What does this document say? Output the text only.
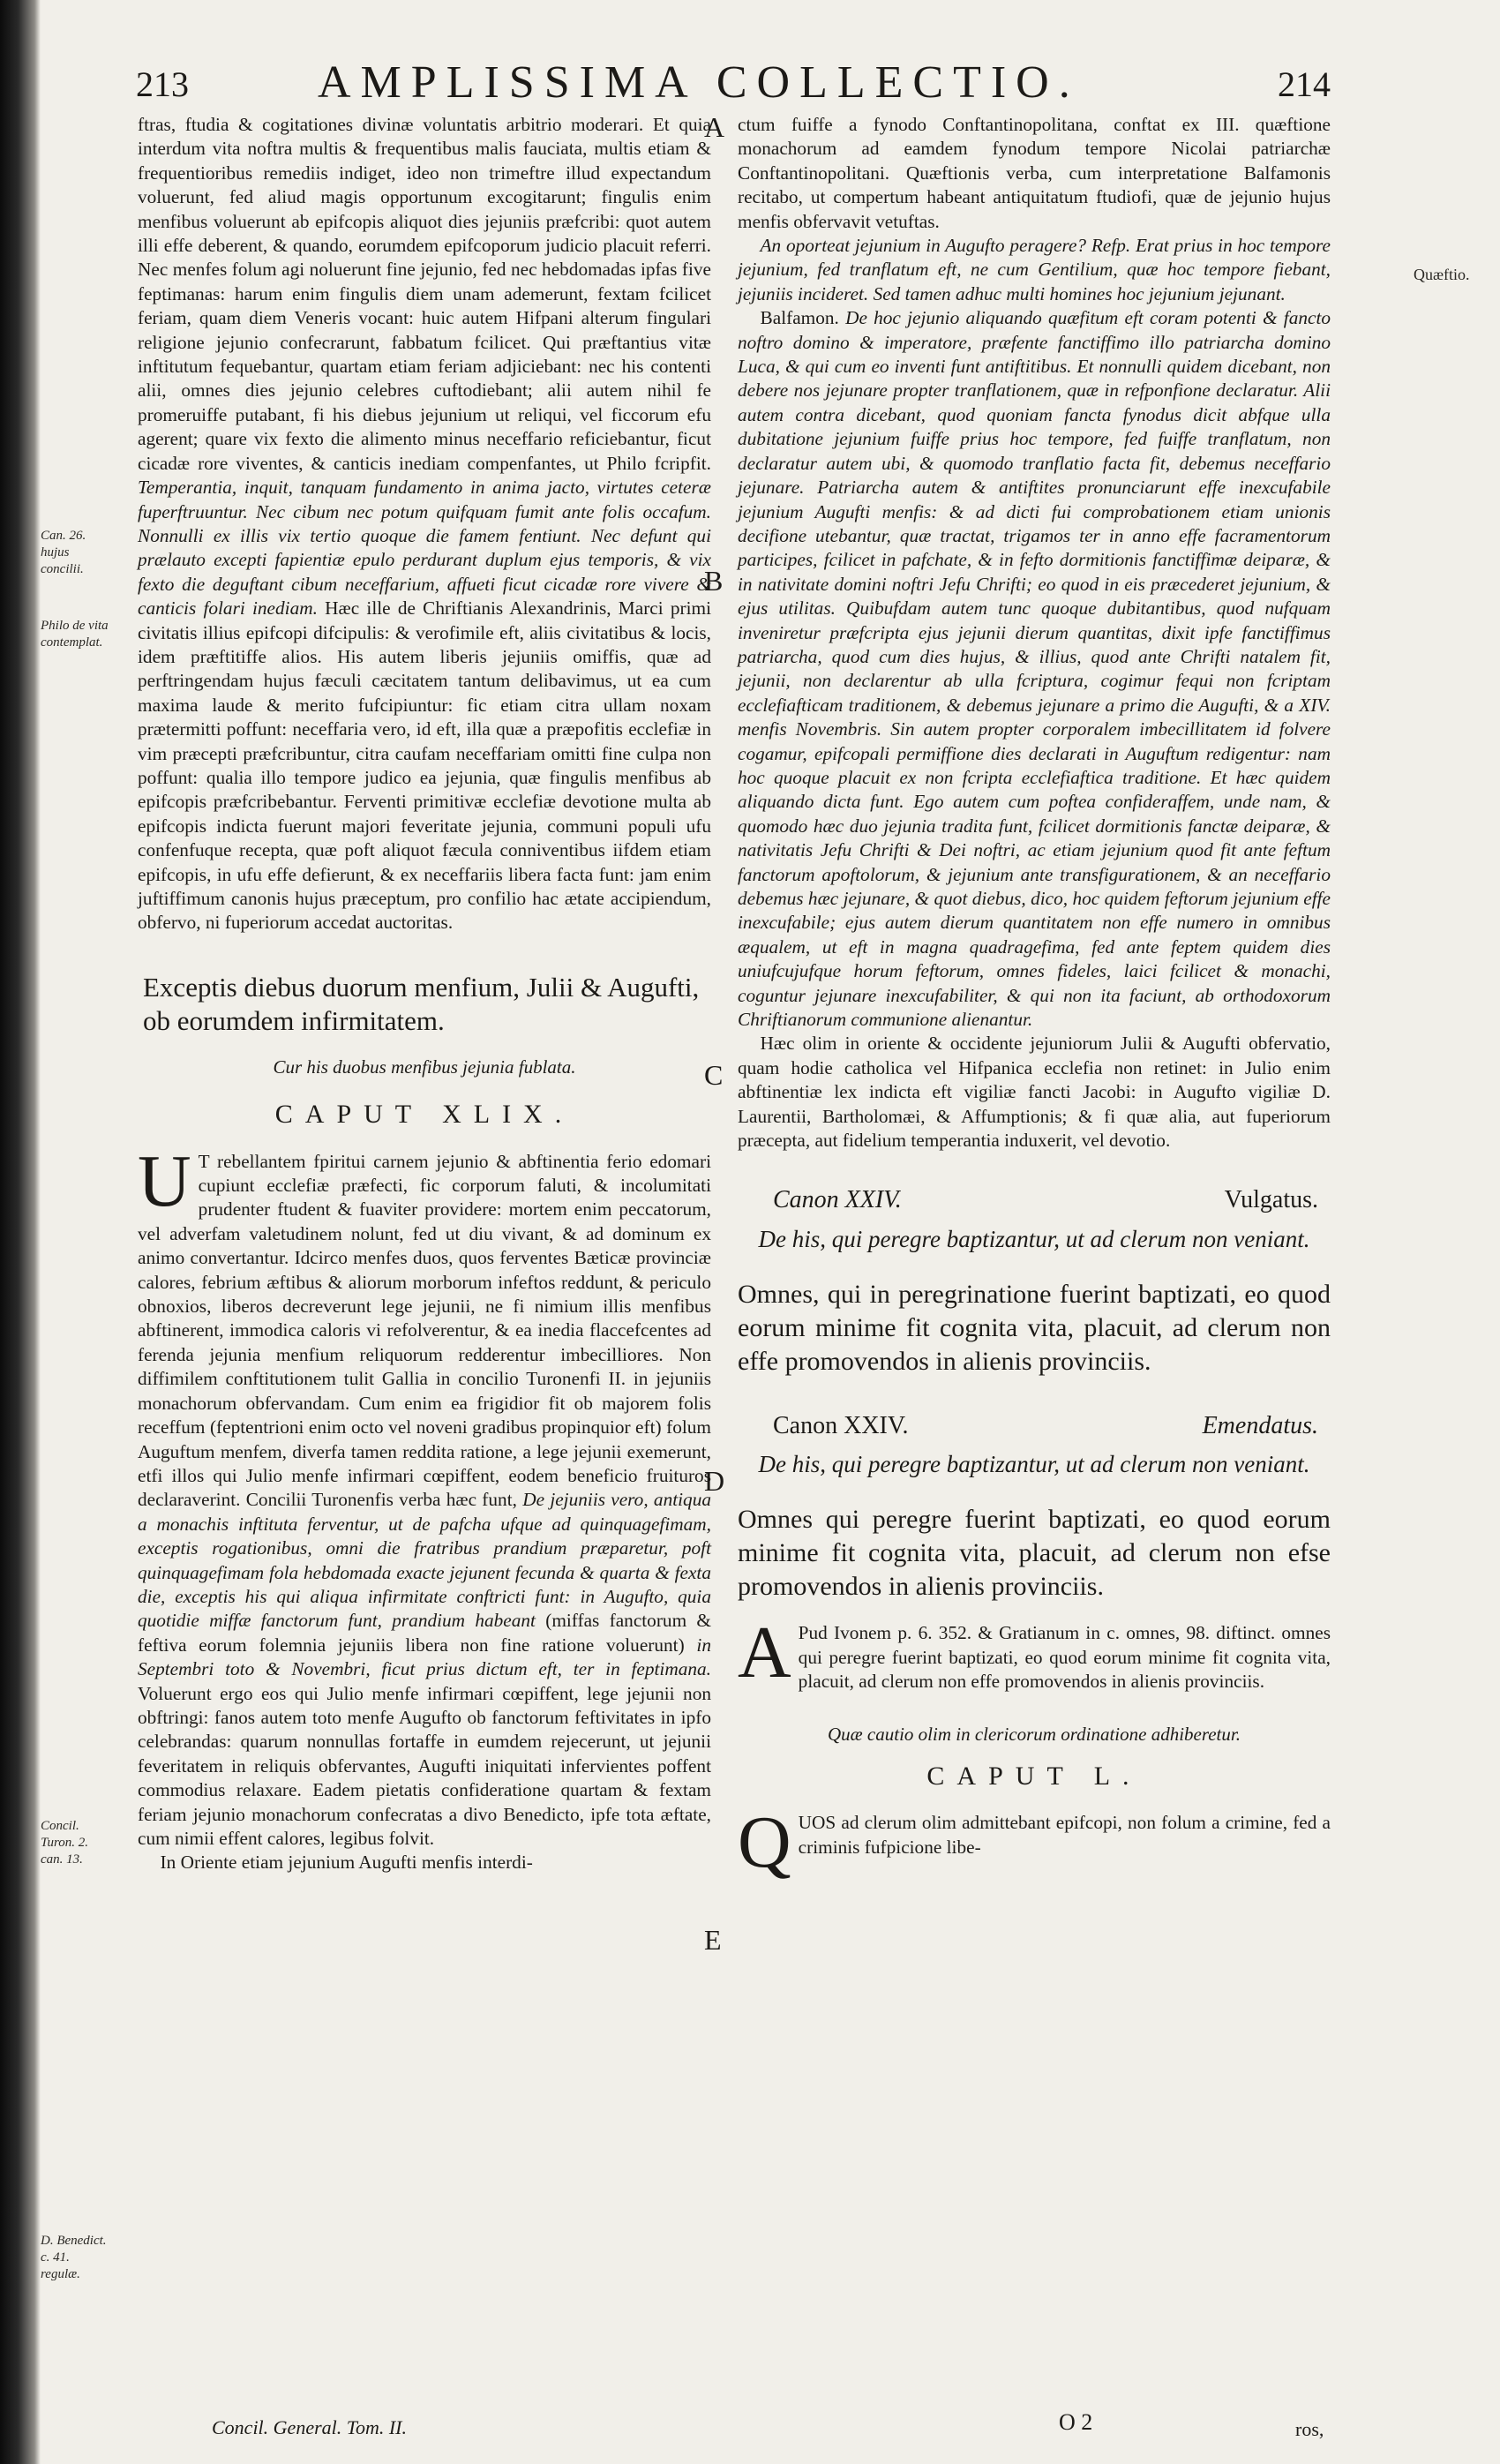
213	AMPLISSIMA COLLECTIO.	214

ftras, ftudia & cogitationes divinæ voluntatis arbitrio moderari. Et quia interdum vita noftra multis & frequentibus malis fauciata, multis etiam & frequentioribus remediis indiget, ideo non trimeftre illud expectandum voluerunt, fed aliud magis opportunum excogitarunt; fingulis enim menfibus voluerunt ab epifcopis aliquot dies jejuniis præfcribi: quot autem illi effe deberent, & quando, eorumdem epifcoporum judicio placuit referri. Nec menfes folum agi noluerunt fine jejunio, fed nec hebdomadas ipfas five feptimanas: harum enim fingulis diem unam ademerunt, fextam fcilicet feriam, quam diem Veneris vocant: huic autem Hifpani alterum fingulari religione jejunio confecrarunt, fabbatum fcilicet. Qui præftantius vitæ inftitutum fequebantur, quartam etiam feriam adjiciebant: nec his contenti alii, omnes dies jejunio celebres cuftodiebant; alii autem nihil fe promeruiffe putabant, fi his diebus jejunium ut reliqui, vel ficcorum efu agerent; quare vix fexto die alimento minus neceffario reficiebantur, ficut cicadæ rore viventes, & canticis inediam compenfantes, ut Philo fcripfit. Temperantia, inquit, tanquam fundamento in anima jacto, virtutes ceteræ fuperftruuntur. Nec cibum nec potum quifquam fumit ante folis occafum. Nonnulli ex illis vix tertio quoque die famem fentiunt. Nec defunt qui prælauto excepti fapientiæ epulo perdurant duplum ejus temporis, & vix fexto die deguftant cibum neceffarium, affueti ficut cicadæ rore vivere & canticis folari inediam. Hæc ille de Chriftianis Alexandrinis, Marci primi civitatis illius epifcopi difcipulis: & verofimile eft, aliis civitatibus & locis, idem præftitiffe alios. His autem liberis jejuniis omiffis, quæ ad perftringendam hujus fæculi cæcitatem tantum delibavimus, ut ea cum maxima laude & merito fufcipiuntur: fic etiam citra ullam noxam prætermitti poffunt: neceffaria vero, id eft, illa quæ a præpofitis ecclefiæ in vim præcepti præfcribuntur, citra caufam neceffariam omitti fine culpa non poffunt: qualia illo tempore judico ea jejunia, quæ fingulis menfibus ab epifcopis præfcribebantur. Ferventi primitivæ ecclefiæ devotione multa ab epifcopis indicta fuerunt majori feveritate jejunia, communi populi ufu confenfuque recepta, quæ poft aliquot fæcula conniventibus iifdem etiam epifcopis, in ufu effe defierunt, & ex neceffariis libera facta funt: jam enim juftiffimum canonis hujus præceptum, pro confilio hac ætate accipiendum, obfervo, ni fuperiorum accedat auctoritas.

Exceptis diebus duorum menfium, Julii & Augufti, ob eorumdem infirmitatem.
Cur his duobus menfibus jejunia fublata.
CAPUT XLIX.

U T rebellantem fpiritui carnem jejunio & abftinentia ferio edomari cupiunt ecclefiæ præfecti, fic corporum faluti, & incolumitati prudenter ftudent & fuaviter providere: mortem enim peccatorum, vel adverfam valetudinem nolunt, fed ut diu vivant, & ad dominum ex animo convertantur. Idcirco menfes duos, quos ferventes Bæticæ provinciæ calores, febrium æftibus & aliorum morborum infeftos reddunt, & periculo obnoxios, liberos decreverunt lege jejunii, ne fi nimium illis menfibus abftinerent, immodica caloris vi refolverentur, & ea inedia flaccefcentes ad ferenda jejunia menfium reliquorum redderentur imbecilliores. Non diffimilem conftitutionem tulit Gallia in concilio Turonenfi II. in jejuniis monachorum obfervandam. Cum enim ea frigidior fit ob majorem folis receffum (feptentrioni enim octo vel noveni gradibus propinquior eft) folum Auguftum menfem, diverfa tamen reddita ratione, a lege jejunii exemerunt, etfi illos qui Julio menfe infirmari cœpiffent, eodem beneficio fruituros declaraverint. Concilii Turonenfis verba hæc funt, De jejuniis vero, antiqua a monachis inftituta ferventur, ut de pafcha ufque ad quinquagefimam, exceptis rogationibus, omni die fratribus prandium præparetur, poft quinquagefimam fola hebdomada exacte jejunent fecunda & quarta & fexta die, exceptis his qui aliqua infirmitate conftricti funt: in Augufto, quia quotidie miffæ fanctorum funt, prandium habeant (miffas fanctorum & feftiva eorum folemnia jejuniis libera non fine ratione voluerunt) in Septembri toto & Novembri, ficut prius dictum eft, ter in feptimana. Voluerunt ergo eos qui Julio menfe infirmari cœpiffent, lege jejunii non obftringi: fanos autem toto menfe Augufto ob fanctorum feftivitates in ipfo celebrandas: quarum nonnullas fortaffe in eumdem rejecerunt, ut jejunii feveritatem in reliquis obfervantes, Augufti iniquitati infervientes poffent commodius relaxare. Eadem pietatis confideratione quartam & fextam feriam jejunio monachorum confecratas a divo Benedicto, ipfe tota æftate, cum nimii effent calores, legibus folvit.

In Oriente etiam jejunium Augufti menfis interdi-

ctum fuiffe a fynodo Conftantinopolitana, conftat ex III. quæftione monachorum ad eamdem fynodum tempore Nicolai patriarchæ Conftantinopolitani. Quæftionis verba, cum interpretatione Balfamonis recitabo, ut compertum habeant antiquitatum ftudiofi, quæ de jejunio hujus menfis obfervavit vetuftas.

An oporteat jejunium in Augufto peragere? Refp. Erat prius in hoc tempore jejunium, fed tranflatum eft, ne cum Gentilium, quæ hoc tempore fiebant, jejuniis incideret. Sed tamen adhuc multi homines hoc jejunium jejunant.

Balfamon. De hoc jejunio aliquando quæfitum eft coram potenti & fancto noftro domino & imperatore, præfente fanctiffimo illo patriarcha domino Luca, & qui cum eo inventi funt antiftitibus. Et nonnulli quidem dicebant, non debere nos jejunare propter tranflationem, quæ in refponfione declaratur. Alii autem contra dicebant, quod quoniam fancta fynodus dicit abfque ulla dubitatione jejunium fuiffe prius hoc tempore, fed fuiffe tranflatum, non declaratur autem ubi, & quomodo tranflatio facta fit, debemus neceffario jejunare. Patriarcha autem & antiftites pronunciarunt effe inexcufabile jejunium Augufti menfis: & ad dicti fui comprobationem etiam unionis decifione utebantur, quæ tractat, trigamos ter in anno effe facramentorum participes, fcilicet in pafchate, & in fefto dormitionis fanctiffimæ deiparæ, & in nativitate domini noftri Jefu Chrifti; eo quod in eis præcederet jejunium, & ejus utilitas. Quibufdam autem tunc quoque dubitantibus, quod nufquam inveniretur præfcripta ejus jejunii dierum quantitas, dixit ipfe fanctiffimus patriarcha, quod cum dies hujus, & illius, quod ante Chrifti natalem fit, jejunii, non declarentur ab ulla fcriptura, cogimur fequi non fcriptam ecclefiafticam traditionem, & debemus jejunare a primo die Augufti, & a XIV. menfis Novembris. Sin autem propter corporalem imbecillitatem id folvere cogamur, epifcopali permiffione dies declarati in Auguftum redigentur: nam hoc quoque placuit ex non fcripta ecclefiaftica traditione. Et hæc quidem aliquando dicta funt. Ego autem cum poftea confideraffem, unde nam, & quomodo hæc duo jejunia tradita funt, fcilicet dormitionis fanctæ deiparæ, & nativitatis Jefu Chrifti & Dei noftri, ac etiam jejunium quod fit ante feftum fanctorum apoftolorum, & jejunium ante transfigurationem, & an neceffario debemus hæc jejunare, & quot diebus, dico, hoc quidem feftorum jejunium effe inexcufabile; ejus autem dierum quantitatem non effe numero in omnibus æqualem, ut eft in magna quadragefima, fed ante feptem quidem dies uniufcujufque horum feftorum, omnes fideles, laici fcilicet & monachi, coguntur jejunare inexcufabiliter, & qui non ita faciunt, ab orthodoxorum Chriftianorum communione alienantur.

Hæc olim in oriente & occidente jejuniorum Julii & Augufti obfervatio, quam hodie catholica vel Hifpanica ecclefia non retinet: in Julio enim abftinentiæ lex indicta eft vigiliæ fancti Jacobi: in Augufto vigiliæ D. Laurentii, Bartholomæi, & Affumptionis; & fi quæ alia, aut fuperiorum præcepta, aut fidelium temperantia induxerit, vel devotio.

Canon XXIV.	Vulgatus.
De his, qui peregre baptizantur, ut ad clerum non veniant.
Omnes, qui in peregrinatione fuerint baptizati, eo quod eorum minime fit cognita vita, placuit, ad clerum non effe promovendos in alienis provinciis.
Canon XXIV.	Emendatus.
De his, qui peregre baptizantur, ut ad clerum non veniant.
Omnes qui peregre fuerint baptizati, eo quod eorum minime fit cognita vita, placuit, ad clerum non efse promovendos in alienis provinciis.

A Pud Ivonem p. 6. 352. & Gratianum in c. omnes, 98. diftinct. omnes qui peregre fuerint baptizati, eo quod eorum minime fit cognita vita, placuit, ad clerum non effe promovendos in alienis provinciis.

Quæ cautio olim in clericorum ordinatione adhiberetur.
CAPUT L.

Q UOS ad clerum olim admittebant epifcopi, non folum a crimine, fed a criminis fufpicione libe-

Can. 26. hujus concilii.
Philo de vita contemplat.
Concil. Turon. 2. can. 13.
D. Benedict. c. 41. regulæ.
Quæftio.
A
B
C
D
E
Concil. General. Tom. II.	O 2	ros,
